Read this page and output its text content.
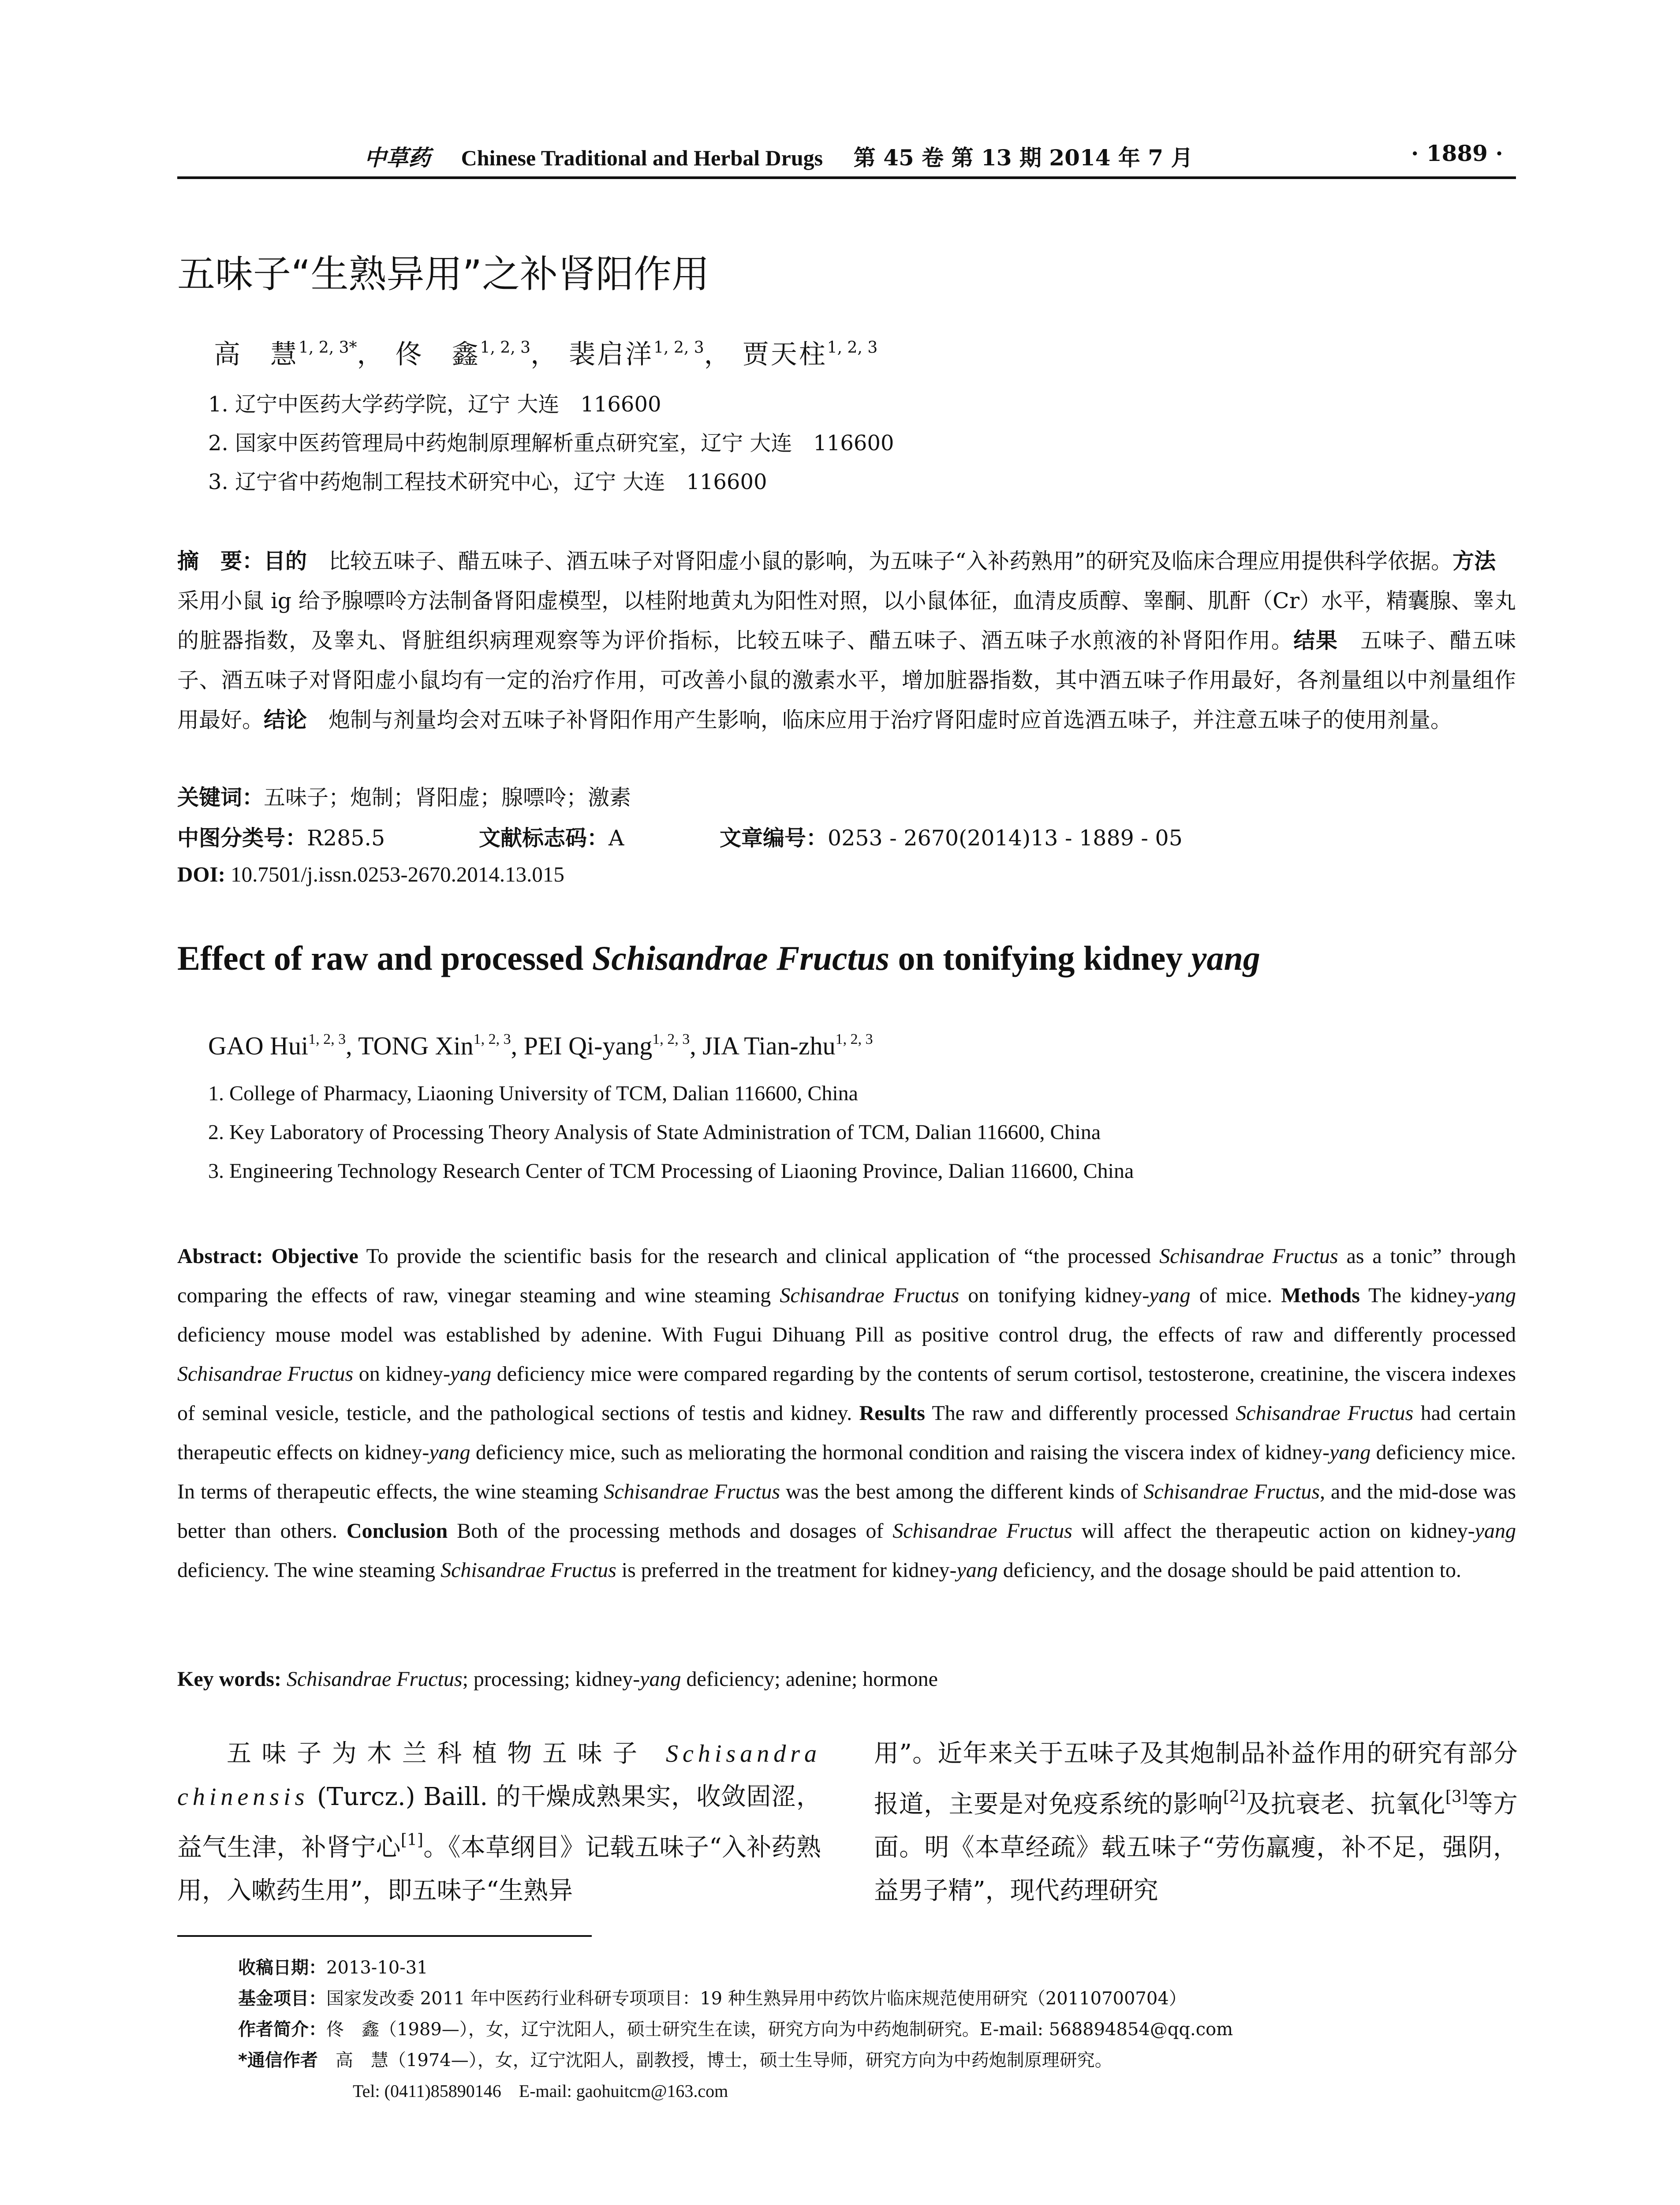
中草药 Chinese Traditional and Herbal Drugs 第 45 卷 第 13 期 2014 年 7 月	· 1889 ·
五味子“生熟异用”之补肾阳作用
高　慧$^{1, 2, 3*}$， 佟　鑫$^{1, 2, 3}$， 裴启洋$^{1, 2, 3}$， 贾天柱$^{1, 2, 3}$
1. 辽宁中医药大学药学院，辽宁 大连　116600
2. 国家中医药管理局中药炮制原理解析重点研究室，辽宁 大连　116600
3. 辽宁省中药炮制工程技术研究中心，辽宁 大连　116600
摘　要：目的　比较五味子、醋五味子、酒五味子对肾阳虚小鼠的影响，为五味子“入补药熟用”的研究及临床合理应用提供科学依据。方法　采用小鼠 ig 给予腺嘌呤方法制备肾阳虚模型，以桂附地黄丸为阳性对照，以小鼠体征，血清皮质醇、睾酮、肌酐（Cr）水平，精囊腺、睾丸的脏器指数，及睾丸、肾脏组织病理观察等为评价指标，比较五味子、醋五味子、酒五味子水煎液的补肾阳作用。结果　五味子、醋五味子、酒五味子对肾阳虚小鼠均有一定的治疗作用，可改善小鼠的激素水平，增加脏器指数，其中酒五味子作用最好，各剂量组以中剂量组作用最好。结论　炮制与剂量均会对五味子补肾阳作用产生影响，临床应用于治疗肾阳虚时应首选酒五味子，并注意五味子的使用剂量。
关键词：五味子；炮制；肾阳虚；腺嘌呤；激素
中图分类号：R285.5	文献标志码：A	文章编号：0253 - 2670(2014)13 - 1889 - 05
DOI: 10.7501/j.issn.0253-2670.2014.13.015
Effect of raw and processed Schisandrae Fructus on tonifying kidney yang
GAO Hui$^{1, 2, 3}$, TONG Xin$^{1, 2, 3}$, PEI Qi-yang$^{1, 2, 3}$, JIA Tian-zhu$^{1, 2, 3}$
1. College of Pharmacy, Liaoning University of TCM, Dalian 116600, China
2. Key Laboratory of Processing Theory Analysis of State Administration of TCM, Dalian 116600, China
3. Engineering Technology Research Center of TCM Processing of Liaoning Province, Dalian 116600, China
Abstract: Objective To provide the scientific basis for the research and clinical application of “the processed Schisandrae Fructus as a tonic” through comparing the effects of raw, vinegar steaming and wine steaming Schisandrae Fructus on tonifying kidney-yang of mice. Methods The kidney-yang deficiency mouse model was established by adenine. With Fugui Dihuang Pill as positive control drug, the effects of raw and differently processed Schisandrae Fructus on kidney-yang deficiency mice were compared regarding by the contents of serum cortisol, testosterone, creatinine, the viscera indexes of seminal vesicle, testicle, and the pathological sections of testis and kidney. Results The raw and differently processed Schisandrae Fructus had certain therapeutic effects on kidney-yang deficiency mice, such as meliorating the hormonal condition and raising the viscera index of kidney-yang deficiency mice. In terms of therapeutic effects, the wine steaming Schisandrae Fructus was the best among the different kinds of Schisandrae Fructus, and the mid-dose was better than others. Conclusion Both of the processing methods and dosages of Schisandrae Fructus will affect the therapeutic action on kidney-yang deficiency. The wine steaming Schisandrae Fructus is preferred in the treatment for kidney-yang deficiency, and the dosage should be paid attention to.
Key words: Schisandrae Fructus; processing; kidney-yang deficiency; adenine; hormone
五味子为木兰科植物五味子 Schisandra chinensis (Turcz.) Baill. 的干燥成熟果实，收敛固涩，益气生津，补肾宁心[1]。《本草纲目》记载五味子“入补药熟用，入嗽药生用”，即五味子“生熟异
用”。近年来关于五味子及其炮制品补益作用的研究有部分报道，主要是对免疫系统的影响[2]及抗衰老、抗氧化[3]等方面。明《本草经疏》载五味子“劳伤羸瘦，补不足，强阴，益男子精”，现代药理研究
收稿日期：2013-10-31
基金项目：国家发改委 2011 年中医药行业科研专项项目：19 种生熟异用中药饮片临床规范使用研究（20110700704）
作者简介：佟　鑫（1989—），女，辽宁沈阳人，硕士研究生在读，研究方向为中药炮制研究。E-mail: 568894854@qq.com
*通信作者　高　慧（1974—），女，辽宁沈阳人，副教授，博士，硕士生导师，研究方向为中药炮制原理研究。
Tel: (0411)85890146　E-mail: gaohuitcm@163.com
